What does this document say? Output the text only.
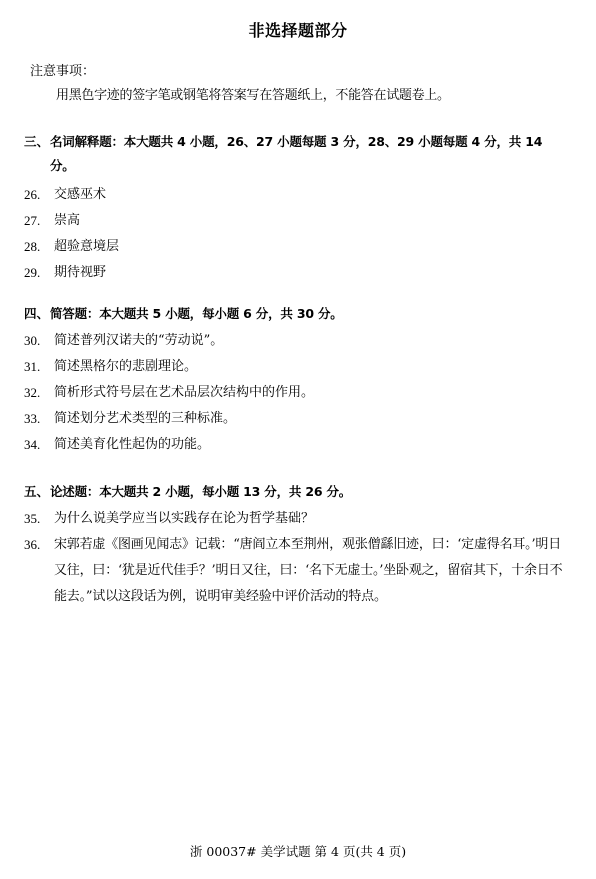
非选择题部分
注意事项：
用黑色字迹的签字笔或钢笔将答案写在答题纸上，不能答在试题卷上。
三、 名词解释题：本大题共 4 小题，26、27 小题每题 3 分，28、29 小题每题 4 分，共 14 分。
26.	交感巫术
27.	崇高
28.	超验意境层
29.	期待视野
四、 简答题：本大题共 5 小题，每小题 6 分，共 30 分。
30.	简述普列汉诺夫的“劳动说”。
31.	简述黑格尔的悲剧理论。
32.	简析形式符号层在艺术品层次结构中的作用。
33.	简述划分艺术类型的三种标准。
34.	简述美育化性起伪的功能。
五、 论述题：本大题共 2 小题，每小题 13 分，共 26 分。
35.	为什么说美学应当以实践存在论为哲学基础？
36.	宋郭若虚《图画见闻志》记载：“唐阎立本至荆州，观张僧繇旧迹，曰：‘定虚得名耳。’明日又往，曰：‘犹是近代佳手？’明日又往，曰：‘名下无虚士。’坐卧观之，留宿其下，十余日不能去。”试以这段话为例，说明审美经验中评价活动的特点。
浙 00037# 美学试题 第 4 页(共 4 页)
